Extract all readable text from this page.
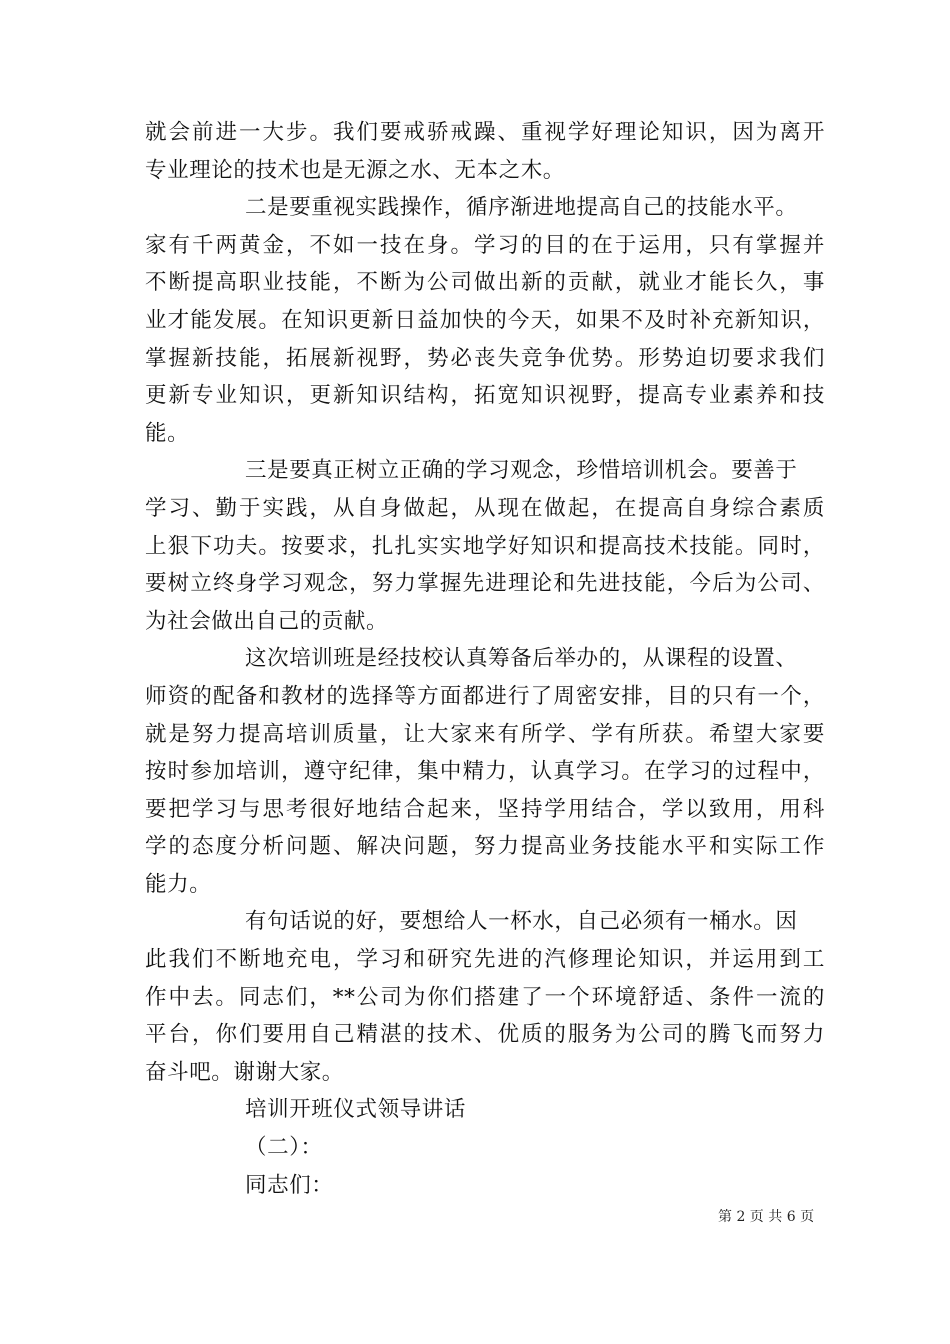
就会前进一大步。我们要戒骄戒躁、重视学好理论知识，因为离开
专业理论的技术也是无源之水、无本之木。
二是要重视实践操作，循序渐进地提高自己的技能水平。
家有千两黄金，不如一技在身。学习的目的在于运用，只有掌握并
不断提高职业技能，不断为公司做出新的贡献，就业才能长久，事
业才能发展。在知识更新日益加快的今天，如果不及时补充新知识，
掌握新技能，拓展新视野，势必丧失竞争优势。形势迫切要求我们
更新专业知识，更新知识结构，拓宽知识视野，提高专业素养和技
能。
三是要真正树立正确的学习观念，珍惜培训机会。要善于
学习、勤于实践，从自身做起，从现在做起，在提高自身综合素质
上狠下功夫。按要求，扎扎实实地学好知识和提高技术技能。同时，
要树立终身学习观念，努力掌握先进理论和先进技能，今后为公司、
为社会做出自己的贡献。
这次培训班是经技校认真筹备后举办的，从课程的设置、
师资的配备和教材的选择等方面都进行了周密安排，目的只有一个，
就是努力提高培训质量，让大家来有所学、学有所获。希望大家要
按时参加培训，遵守纪律，集中精力，认真学习。在学习的过程中，
要把学习与思考很好地结合起来，坚持学用结合，学以致用，用科
学的态度分析问题、解决问题，努力提高业务技能水平和实际工作
能力。
有句话说的好，要想给人一杯水，自己必须有一桶水。因
此我们不断地充电，学习和研究先进的汽修理论知识，并运用到工
作中去。同志们，**公司为你们搭建了一个环境舒适、条件一流的
平台，你们要用自己精湛的技术、优质的服务为公司的腾飞而努力
奋斗吧。谢谢大家。
培训开班仪式领导讲话
（二）：
同志们：
第 2 页 共 6 页
